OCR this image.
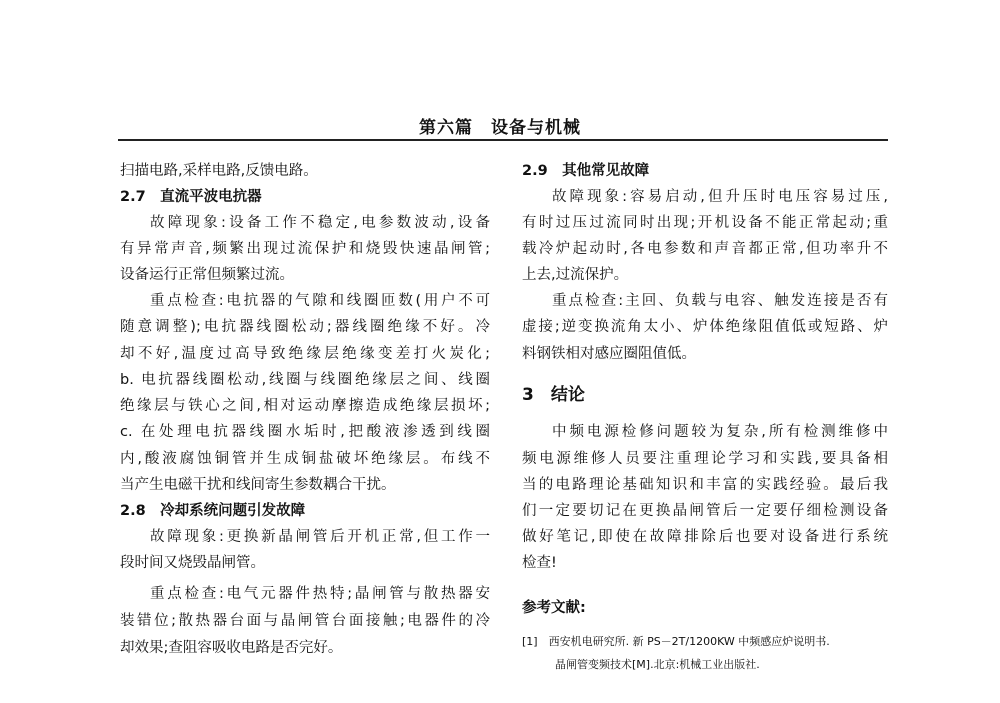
第六篇　设备与机械
扫描电路,采样电路,反馈电路。
2.7　直流平波电抗器
故障现象:设备工作不稳定,电参数波动,设备
有异常声音,频繁出现过流保护和烧毁快速晶闸管;
设备运行正常但频繁过流。
重点检查:电抗器的气隙和线圈匝数(用户不可
随意调整);电抗器线圈松动;器线圈绝缘不好。冷
却不好,温度过高导致绝缘层绝缘变差打火炭化;
b. 电抗器线圈松动,线圈与线圈绝缘层之间、线圈
绝缘层与铁心之间,相对运动摩擦造成绝缘层损坏;
c. 在处理电抗器线圈水垢时,把酸液渗透到线圈
内,酸液腐蚀铜管并生成铜盐破坏绝缘层。布线不
当产生电磁干扰和线间寄生参数耦合干扰。
2.8　冷却系统问题引发故障
故障现象:更换新晶闸管后开机正常,但工作一
段时间又烧毁晶闸管。
重点检查:电气元器件热特;晶闸管与散热器安
装错位;散热器台面与晶闸管台面接触;电器件的冷
却效果;查阻容吸收电路是否完好。
2.9　其他常见故障
故障现象:容易启动,但升压时电压容易过压,
有时过压过流同时出现;开机设备不能正常起动;重
载冷炉起动时,各电参数和声音都正常,但功率升不
上去,过流保护。
重点检查:主回、负载与电容、触发连接是否有
虚接;逆变换流角太小、炉体绝缘阻值低或短路、炉
料钢铁相对感应圈阻值低。
3　结论
中频电源检修问题较为复杂,所有检测维修中
频电源维修人员要注重理论学习和实践,要具备相
当的电路理论基础知识和丰富的实践经验。最后我
们一定要切记在更换晶闸管后一定要仔细检测设备
做好笔记,即使在故障排除后也要对设备进行系统
检查!
参考文献:
[1]　西安机电研究所. 新 PS－2T/1200KW 中频感应炉说明书.
　　　晶闸管变频技术[M].北京:机械工业出版社.
